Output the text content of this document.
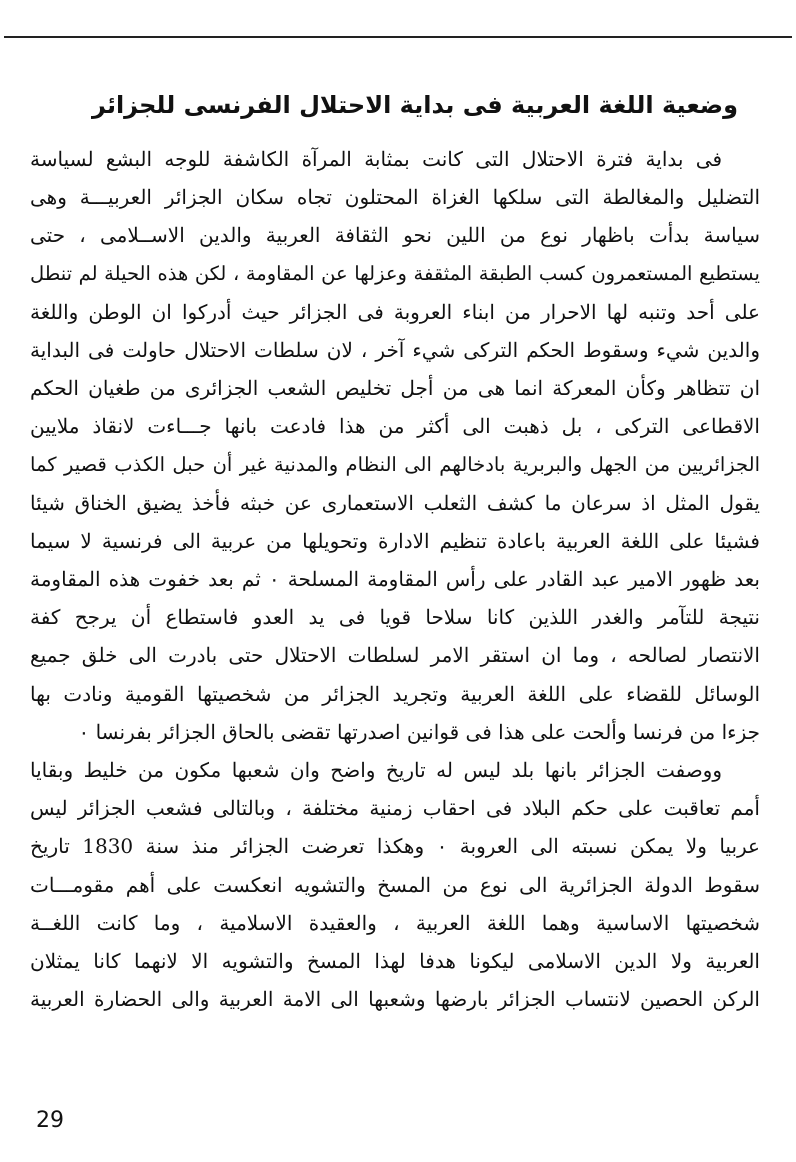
وضعية اللغة العربية فى بداية الاحتلال الفرنسى للجزائر
فى بداية فترة الاحتلال التى كانت بمثابة المرآة الكاشفة للوجه البشع لسياسة
التضليل والمغالطة التى سلكها الغزاة المحتلون تجاه سكان الجزائر العربيـــة وهى
سياسة بدأت باظهار نوع من اللين نحو الثقافة العربية والدين الاســلامى ، حتى
يستطيع المستعمرون كسب الطبقة المثقفة وعزلها عن المقاومة ، لكن هذه الحيلة لم تنطل
على أحد وتنبه لها الاحرار من ابناء العروبة فى الجزائر حيث أدركوا ان الوطن واللغة
والدين شيء وسقوط الحكم التركى شيء آخر ، لان سلطات الاحتلال حاولت فى البداية
ان تتظاهر وكأن المعركة انما هى من أجل تخليص الشعب الجزائرى من طغيان الحكم
الاقطاعى التركى ، بل ذهبت الى أكثر من هذا فادعت بانها جـــاءت لانقاذ ملايين
الجزائريين من الجهل والبربرية بادخالهم الى النظام والمدنية غير أن حبل الكذب قصير كما
يقول المثل اذ سرعان ما كشف الثعلب الاستعمارى عن خبثه فأخذ يضيق الخناق شيئا
فشيئا على اللغة العربية باعادة تنظيم الادارة وتحويلها من عربية الى فرنسية لا سيما
بعد ظهور الامير عبد القادر على رأس المقاومة المسلحة ٠ ثم بعد خفوت هذه المقاومة
نتيجة للتآمر والغدر اللذين كانا سلاحا قويا فى يد العدو فاستطاع أن يرجح كفة
الانتصار لصالحه ، وما ان استقر الامر لسلطات الاحتلال حتى بادرت الى خلق جميع
الوسائل للقضاء على اللغة العربية وتجريد الجزائر من شخصيتها القومية ونادت بها
جزءا من فرنسا وألحت على هذا فى قوانين اصدرتها تقضى بالحاق الجزائر بفرنسا ٠
ووصفت الجزائر بانها بلد ليس له تاريخ واضح وان شعبها مكون من خليط وبقايا
أمم تعاقبت على حكم البلاد فى احقاب زمنية مختلفة ، وبالتالى فشعب الجزائر ليس
عربيا ولا يمكن نسبته الى العروبة ٠ وهكذا تعرضت الجزائر منذ سنة 1830 تاريخ
سقوط الدولة الجزائرية الى نوع من المسخ والتشويه انعكست على أهم مقومـــات
شخصيتها الاساسية وهما اللغة العربية ، والعقيدة الاسلامية ، وما كانت اللغــة
العربية ولا الدين الاسلامى ليكونا هدفا لهذا المسخ والتشويه الا لانهما كانا يمثلان
الركن الحصين لانتساب الجزائر بارضها وشعبها الى الامة العربية والى الحضارة العربية
29
